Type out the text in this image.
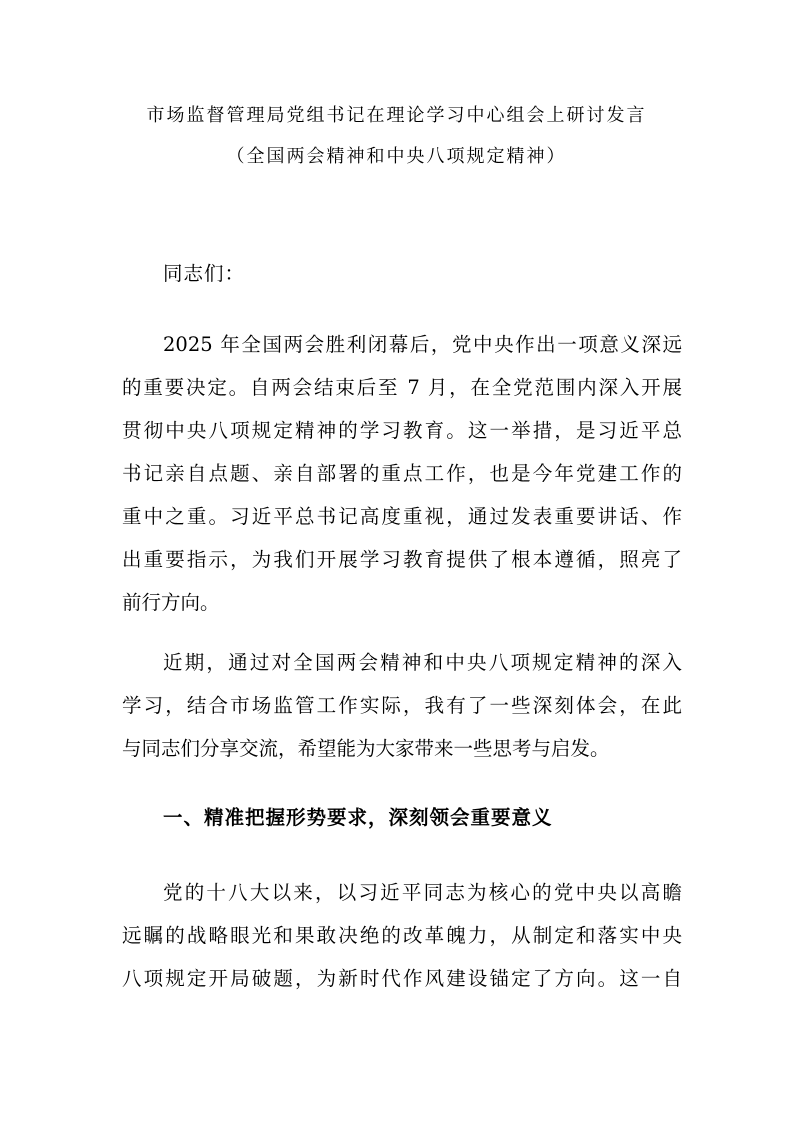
市场监督管理局党组书记在理论学习中心组会上研讨发言
（全国两会精神和中央八项规定精神）
同志们：
2025 年全国两会胜利闭幕后，党中央作出一项意义深远
的重要决定。自两会结束后至 7 月，在全党范围内深入开展
贯彻中央八项规定精神的学习教育。这一举措，是习近平总
书记亲自点题、亲自部署的重点工作，也是今年党建工作的
重中之重。习近平总书记高度重视，通过发表重要讲话、作
出重要指示，为我们开展学习教育提供了根本遵循，照亮了
前行方向。
近期，通过对全国两会精神和中央八项规定精神的深入
学习，结合市场监管工作实际，我有了一些深刻体会，在此
与同志们分享交流，希望能为大家带来一些思考与启发。
一、精准把握形势要求，深刻领会重要意义
党的十八大以来，以习近平同志为核心的党中央以高瞻
远瞩的战略眼光和果敢决绝的改革魄力，从制定和落实中央
八项规定开局破题，为新时代作风建设锚定了方向。这一自
